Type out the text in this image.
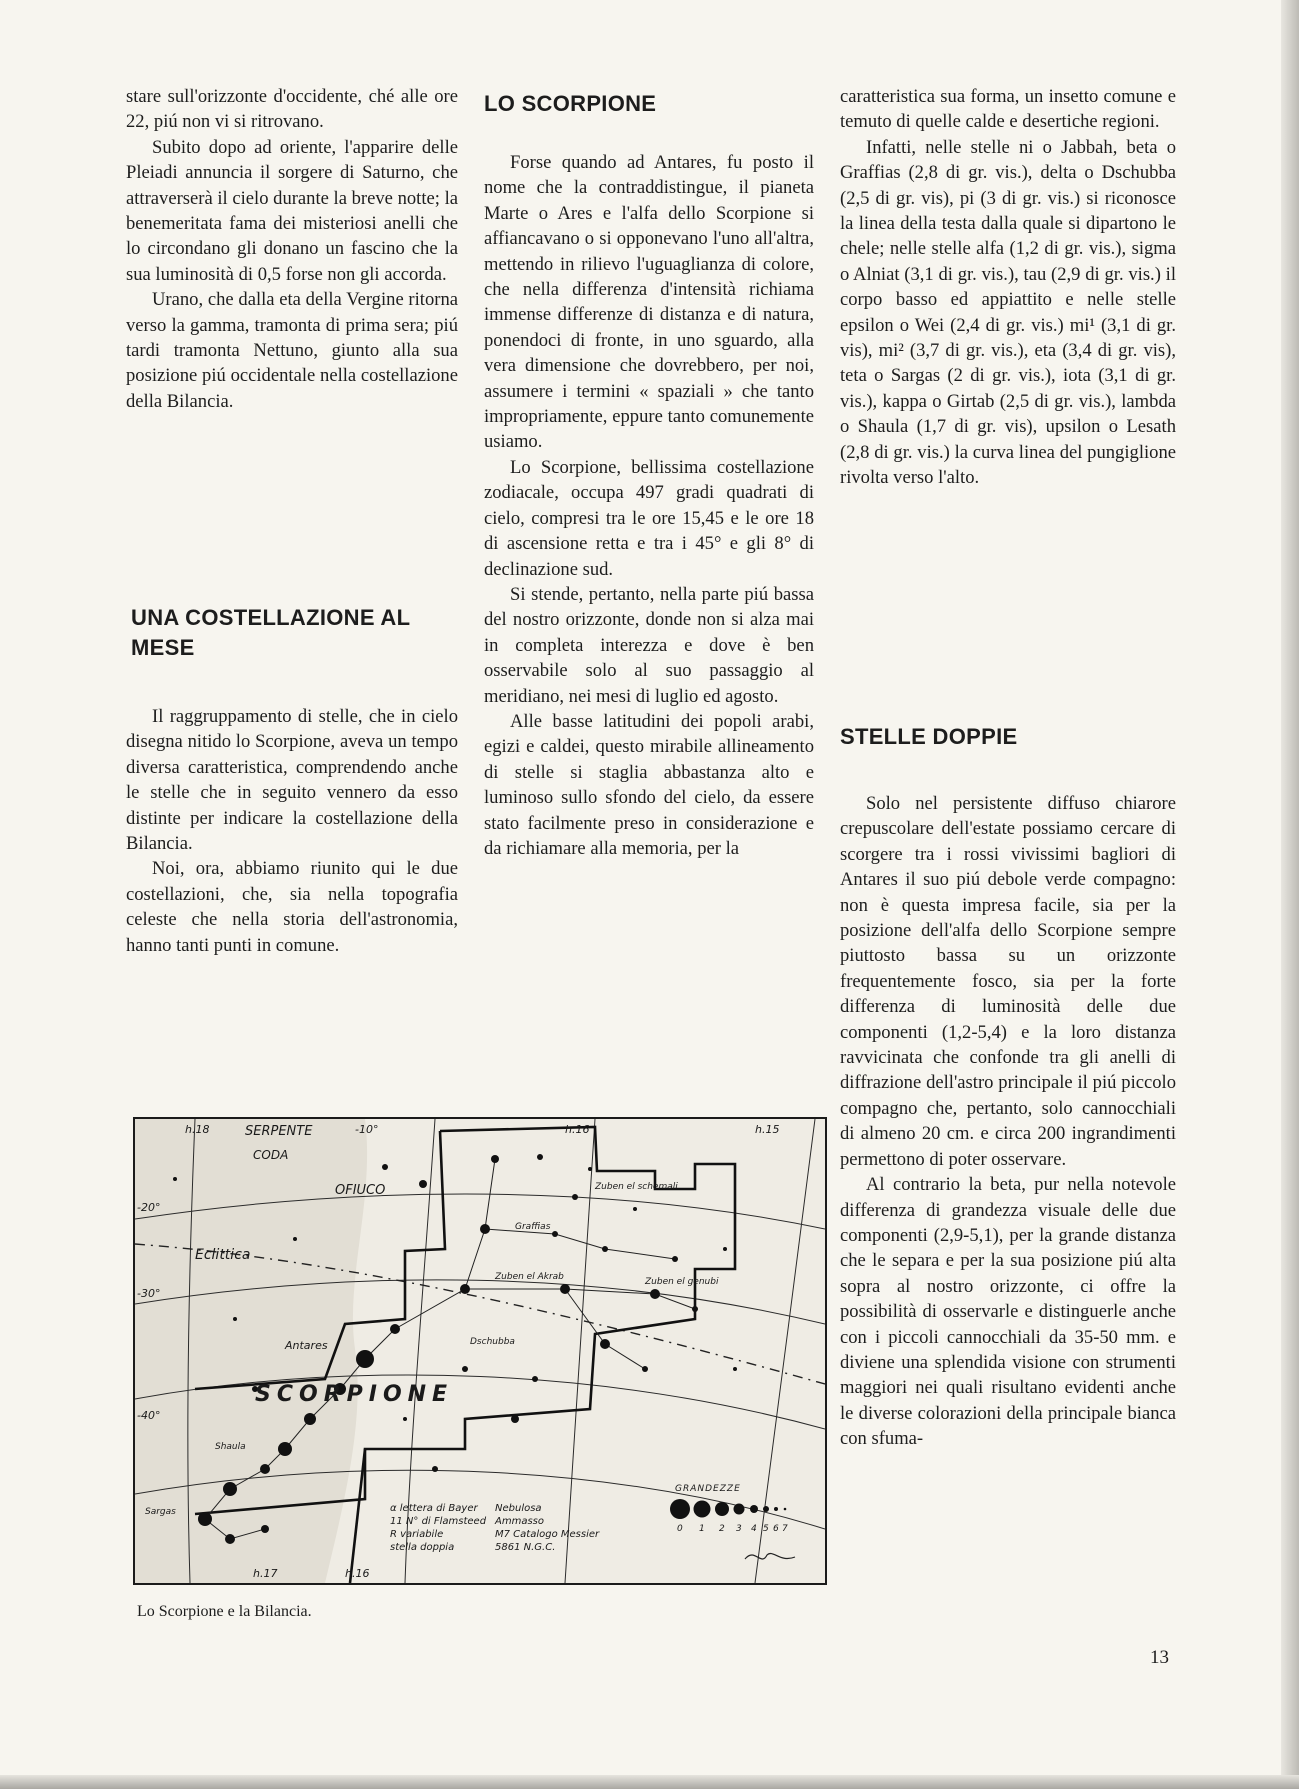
stare sull'orizzonte d'occidente, ché alle ore 22, piú non vi si ritrovano.

Subito dopo ad oriente, l'apparire delle Pleiadi annuncia il sorgere di Saturno, che attraverserà il cielo durante la breve notte; la benemeritata fama dei misteriosi anelli che lo circondano gli donano un fascino che la sua luminosità di 0,5 forse non gli accorda.

Urano, che dalla eta della Vergine ritorna verso la gamma, tramonta di prima sera; piú tardi tramonta Nettuno, giunto alla sua posizione piú occidentale nella costellazione della Bilancia.

UNA COSTELLAZIONE AL MESE

Il raggruppamento di stelle, che in cielo disegna nitido lo Scorpione, aveva un tempo diversa caratteristica, comprendendo anche le stelle che in seguito vennero da esso distinte per indicare la costellazione della Bilancia.

Noi, ora, abbiamo riunito qui le due costellazioni, che, sia nella topografia celeste che nella storia dell'astronomia, hanno tanti punti in comune.

LO SCORPIONE

Forse quando ad Antares, fu posto il nome che la contraddistingue, il pianeta Marte o Ares e l'alfa dello Scorpione si affiancavano o si opponevano l'uno all'altra, mettendo in rilievo l'uguaglianza di colore, che nella differenza d'intensità richiama immense differenze di distanza e di natura, ponendoci di fronte, in uno sguardo, alla vera dimensione che dovrebbero, per noi, assumere i termini « spaziali » che tanto impropriamente, eppure tanto comunemente usiamo.

Lo Scorpione, bellissima costellazione zodiacale, occupa 497 gradi quadrati di cielo, compresi tra le ore 15,45 e le ore 18 di ascensione retta e tra i 45° e gli 8° di declinazione sud.

Si stende, pertanto, nella parte piú bassa del nostro orizzonte, donde non si alza mai in completa interezza e dove è ben osservabile solo al suo passaggio al meridiano, nei mesi di luglio ed agosto.

Alle basse latitudini dei popoli arabi, egizi e caldei, questo mirabile allineamento di stelle si staglia abbastanza alto e luminoso sullo sfondo del cielo, da essere stato facilmente preso in considerazione e da richiamare alla memoria, per la

caratteristica sua forma, un insetto comune e temuto di quelle calde e desertiche regioni.

Infatti, nelle stelle ni o Jabbah, beta o Graffias (2,8 di gr. vis.), delta o Dschubba (2,5 di gr. vis), pi (3 di gr. vis.) si riconosce la linea della testa dalla quale si dipartono le chele; nelle stelle alfa (1,2 di gr. vis.), sigma o Alniat (3,1 di gr. vis.), tau (2,9 di gr. vis.) il corpo basso ed appiattito e nelle stelle epsilon o Wei (2,4 di gr. vis.) mi¹ (3,1 di gr. vis), mi² (3,7 di gr. vis.), eta (3,4 di gr. vis), teta o Sargas (2 di gr. vis.), iota (3,1 di gr. vis.), kappa o Girtab (2,5 di gr. vis.), lambda o Shaula (1,7 di gr. vis), upsilon o Lesath (2,8 di gr. vis.) la curva linea del pungiglione rivolta verso l'alto.

STELLE DOPPIE

Solo nel persistente diffuso chiarore crepuscolare dell'estate possiamo cercare di scorgere tra i rossi vivissimi bagliori di Antares il suo piú debole verde compagno: non è questa impresa facile, sia per la posizione dell'alfa dello Scorpione sempre piuttosto bassa su un orizzonte frequentemente fosco, sia per la forte differenza di luminosità delle due componenti (1,2-5,4) e la loro distanza ravvicinata che confonde tra gli anelli di diffrazione dell'astro principale il piú piccolo compagno che, pertanto, solo cannocchiali di almeno 20 cm. e circa 200 ingrandimenti permettono di poter osservare.

Al contrario la beta, pur nella notevole differenza di grandezza visuale delle due componenti (2,9-5,1), per la grande distanza che le separa e per la sua posizione piú alta sopra al nostro orizzonte, ci offre la possibilità di osservarle e distinguerle anche con i piccoli cannocchiali da 35-50 mm. e diviene una splendida visione con strumenti maggiori nei quali risultano evidenti anche le diverse colorazioni della principale bianca con sfuma-

h.18	SERPENTE
CODA
-10°
OFIUCO
-20°
Eclittica
-30°
Antares
SCORPIONE
h.16	h.15
Zuben el schemali
Zuben el Akrab	Zuben el genubi
Dschubba
Graffias
Shaula
Sargas
-40°
h.17	h.16
α lettera di Bayer
11 N° di Flamsteed
R variabile
stella doppia
Nebulosa
Ammasso
M7 Catalogo Messier
5861 N.G.C.
GRANDEZZE
0 1 2 3 4 5 6 7
Lo Scorpione e la Bilancia.
13
